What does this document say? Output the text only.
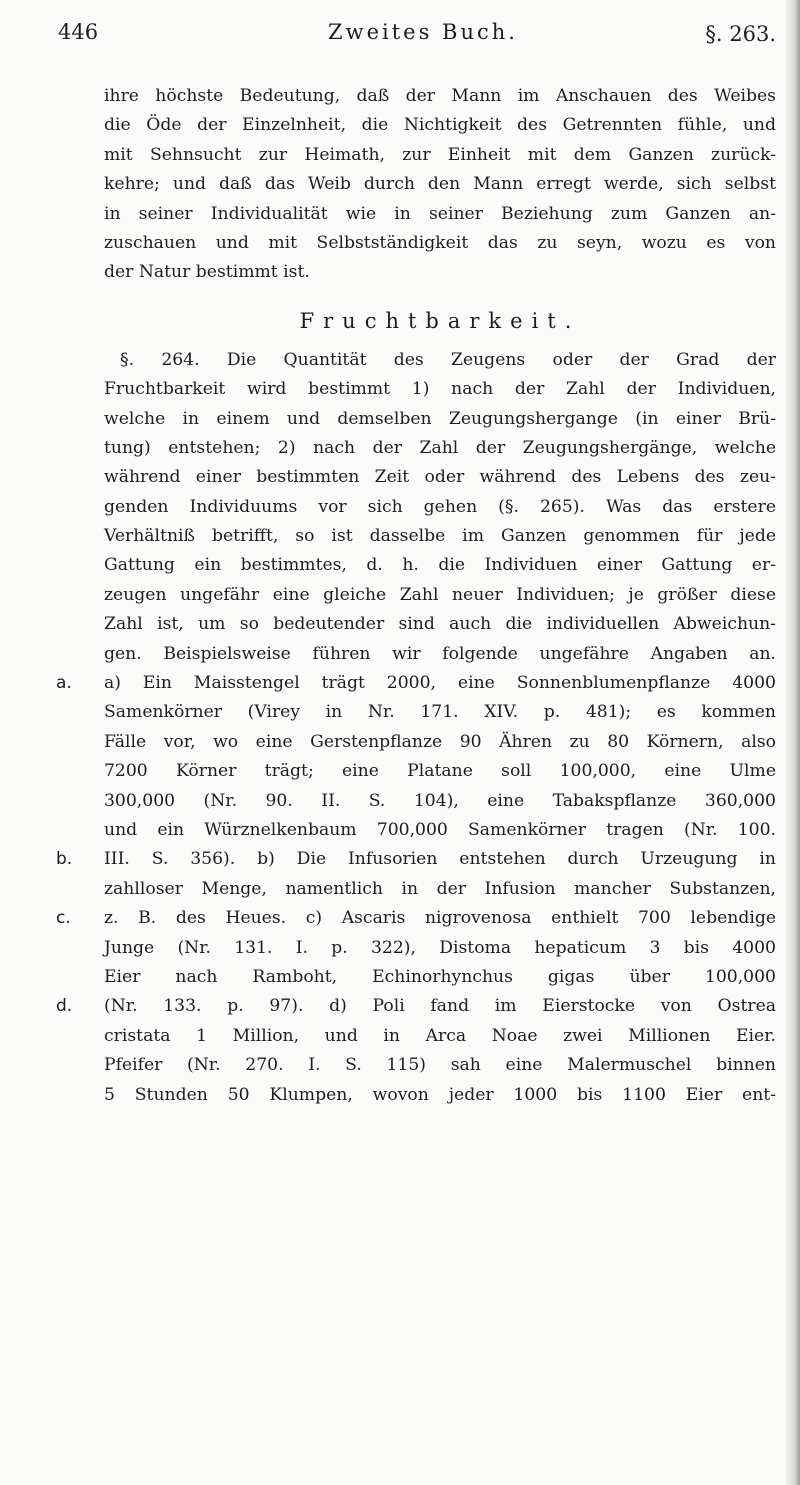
446	Zweites Buch.	§. 263.
ihre höchste Bedeutung, daß der Mann im Anschauen des Weibes
die Öde der Einzelnheit, die Nichtigkeit des Getrennten fühle, und
mit Sehnsucht zur Heimath, zur Einheit mit dem Ganzen zurück-
kehre; und daß das Weib durch den Mann erregt werde, sich selbst
in seiner Individualität wie in seiner Beziehung zum Ganzen an-
zuschauen und mit Selbstständigkeit das zu seyn, wozu es von
der Natur bestimmt ist.
Fruchtbarkeit.
§. 264. Die Quantität des Zeugens oder der Grad der
Fruchtbarkeit wird bestimmt 1) nach der Zahl der Individuen,
welche in einem und demselben Zeugungshergange (in einer Brü-
tung) entstehen; 2) nach der Zahl der Zeugungshergänge, welche
während einer bestimmten Zeit oder während des Lebens des zeu-
genden Individuums vor sich gehen (§. 265). Was das erstere
Verhältniß betrifft, so ist dasselbe im Ganzen genommen für jede
Gattung ein bestimmtes, d. h. die Individuen einer Gattung er-
zeugen ungefähr eine gleiche Zahl neuer Individuen; je größer diese
Zahl ist, um so bedeutender sind auch die individuellen Abweichun-
gen. Beispielsweise führen wir folgende ungefähre Angaben an.
a. a) Ein Maisstengel trägt 2000, eine Sonnenblumenpflanze 4000
Samenkörner (Virey in Nr. 171. XIV. p. 481); es kommen
Fälle vor, wo eine Gerstenpflanze 90 Ähren zu 80 Körnern, also
7200 Körner trägt; eine Platane soll 100,000, eine Ulme
300,000 (Nr. 90. II. S. 104), eine Tabakspflanze 360,000
und ein Würznelkenbaum 700,000 Samenkörner tragen (Nr. 100.
b. III. S. 356). b) Die Infusorien entstehen durch Urzeugung in
zahlloser Menge, namentlich in der Infusion mancher Substanzen,
c. z. B. des Heues. c) Ascaris nigrovenosa enthielt 700 lebendige
Junge (Nr. 131. I. p. 322), Distoma hepaticum 3 bis 4000
Eier nach Ramboht, Echinorhynchus gigas über 100,000
d. (Nr. 133. p. 97). d) Poli fand im Eierstocke von Ostrea
cristata 1 Million, und in Arca Noae zwei Millionen Eier.
Pfeifer (Nr. 270. I. S. 115) sah eine Malermuschel binnen
5 Stunden 50 Klumpen, wovon jeder 1000 bis 1100 Eier ent-
